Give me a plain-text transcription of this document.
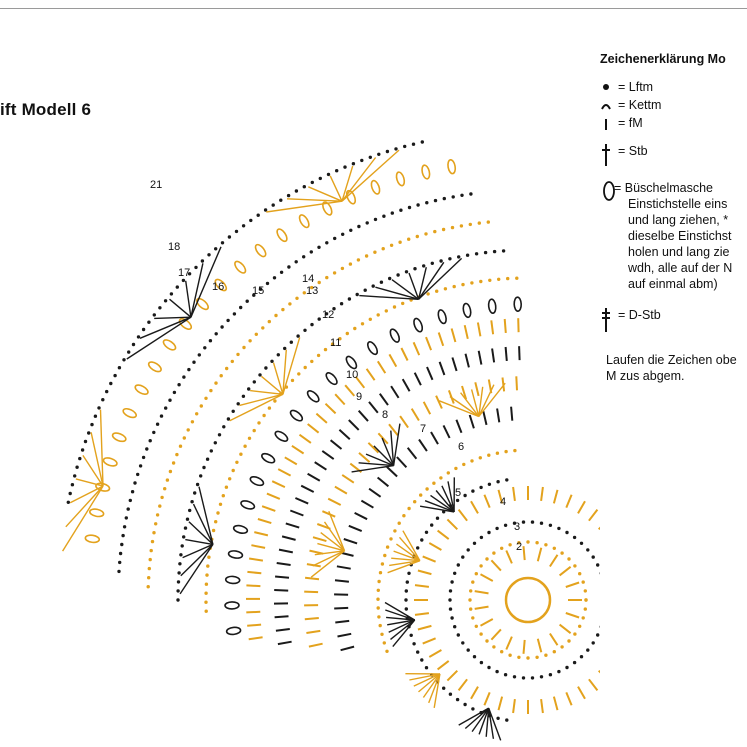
2
3
4
5
6
7
8
9
10
11
12
13
14
15
16
17
18
21
ift Modell 6
Zeichenerklärung Mo
= Lftm
= Kettm
= fM
= Stb
= Büschelmasche
Einstichstelle eins
und lang ziehen, *
dieselbe Einstichst
holen und lang zie
wdh, alle auf der N
auf einmal abm)
= D-Stb
Laufen die Zeichen obe
M zus abgem.
